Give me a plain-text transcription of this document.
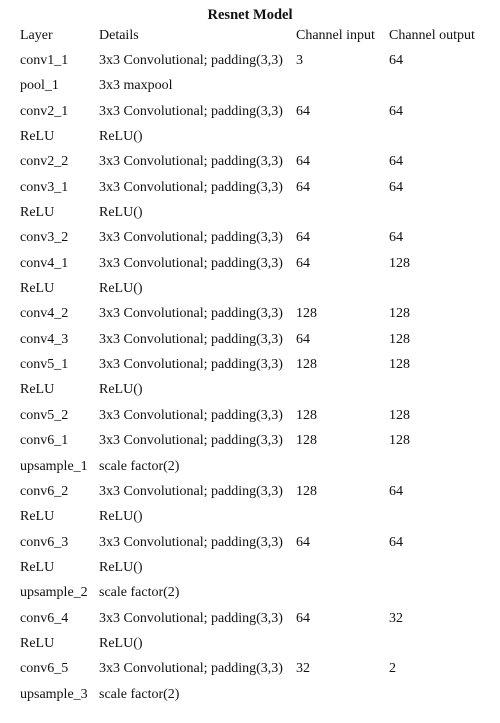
Resnet Model
Layer	Details	Channel input	Channel output
conv1_1	3x3 Convolutional; padding(3,3)	3	64
pool_1	3x3 maxpool		
conv2_1	3x3 Convolutional; padding(3,3)	64	64
ReLU	ReLU()		
conv2_2	3x3 Convolutional; padding(3,3)	64	64
conv3_1	3x3 Convolutional; padding(3,3)	64	64
ReLU	ReLU()		
conv3_2	3x3 Convolutional; padding(3,3)	64	64
conv4_1	3x3 Convolutional; padding(3,3)	64	128
ReLU	ReLU()		
conv4_2	3x3 Convolutional; padding(3,3)	128	128
conv4_3	3x3 Convolutional; padding(3,3)	64	128
conv5_1	3x3 Convolutional; padding(3,3)	128	128
ReLU	ReLU()		
conv5_2	3x3 Convolutional; padding(3,3)	128	128
conv6_1	3x3 Convolutional; padding(3,3)	128	128
upsample_1	scale factor(2)		
conv6_2	3x3 Convolutional; padding(3,3)	128	64
ReLU	ReLU()		
conv6_3	3x3 Convolutional; padding(3,3)	64	64
ReLU	ReLU()		
upsample_2	scale factor(2)		
conv6_4	3x3 Convolutional; padding(3,3)	64	32
ReLU	ReLU()		
conv6_5	3x3 Convolutional; padding(3,3)	32	2
upsample_3	scale factor(2)		
